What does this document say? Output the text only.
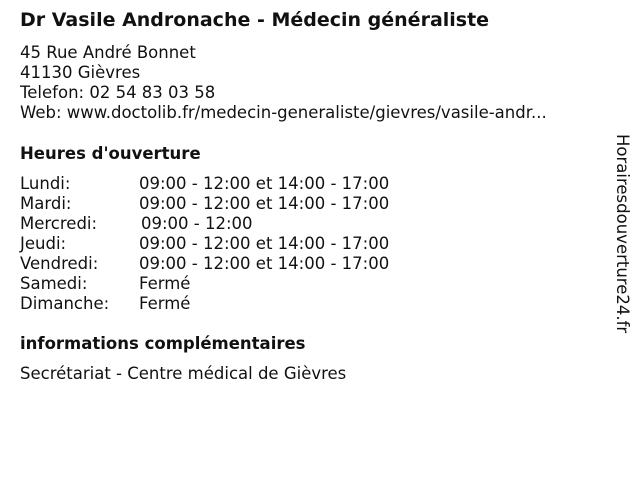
Dr Vasile Andronache - Médecin généraliste
45 Rue André Bonnet
41130 Gièvres
Telefon: 02 54 83 03 58
Web: www.doctolib.fr/medecin-generaliste/gievres/vasile-andr...
Heures d'ouverture
Lundi:	09:00 - 12:00 et 14:00 - 17:00
Mardi:	09:00 - 12:00 et 14:00 - 17:00
Mercredi:	09:00 - 12:00
Jeudi:	09:00 - 12:00 et 14:00 - 17:00
Vendredi: 09:00 - 12:00 et 14:00 - 17:00
Samedi:	Fermé
Dimanche: Fermé
informations complémentaires
Secrétariat - Centre médical de Gièvres
Horairesdouverture24.fr
